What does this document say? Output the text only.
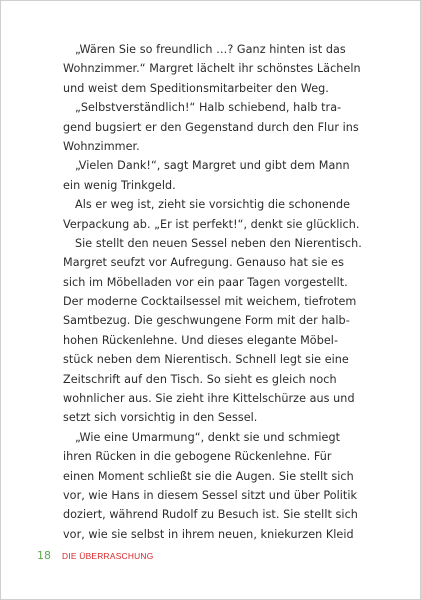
„Wären Sie so freundlich …? Ganz hinten ist das
Wohnzimmer.“ Margret lächelt ihr schönstes Lächeln
und weist dem Speditionsmitarbeiter den Weg.
„Selbstverständlich!“ Halb schiebend, halb tra-
gend bugsiert er den Gegenstand durch den Flur ins
Wohnzimmer.
„Vielen Dank!“, sagt Margret und gibt dem Mann
ein wenig Trinkgeld.
Als er weg ist, zieht sie vorsichtig die schonende
Verpackung ab. „Er ist perfekt!“, denkt sie glücklich.
Sie stellt den neuen Sessel neben den Nierentisch.
Margret seufzt vor Aufregung. Genauso hat sie es
sich im Möbelladen vor ein paar Tagen vorgestellt.
Der moderne Cocktailsessel mit weichem, tiefrotem
Samtbezug. Die geschwungene Form mit der halb-
hohen Rückenlehne. Und dieses elegante Möbel-
stück neben dem Nierentisch. Schnell legt sie eine
Zeitschrift auf den Tisch. So sieht es gleich noch
wohnlicher aus. Sie zieht ihre Kittelschürze aus und
setzt sich vorsichtig in den Sessel.
„Wie eine Umarmung“, denkt sie und schmiegt
ihren Rücken in die gebogene Rückenlehne. Für
einen Moment schließt sie die Augen. Sie stellt sich
vor, wie Hans in diesem Sessel sitzt und über Politik
doziert, während Rudolf zu Besuch ist. Sie stellt sich
vor, wie sie selbst in ihrem neuen, kniekurzen Kleid
18 DIE ÜBERRASCHUNG
